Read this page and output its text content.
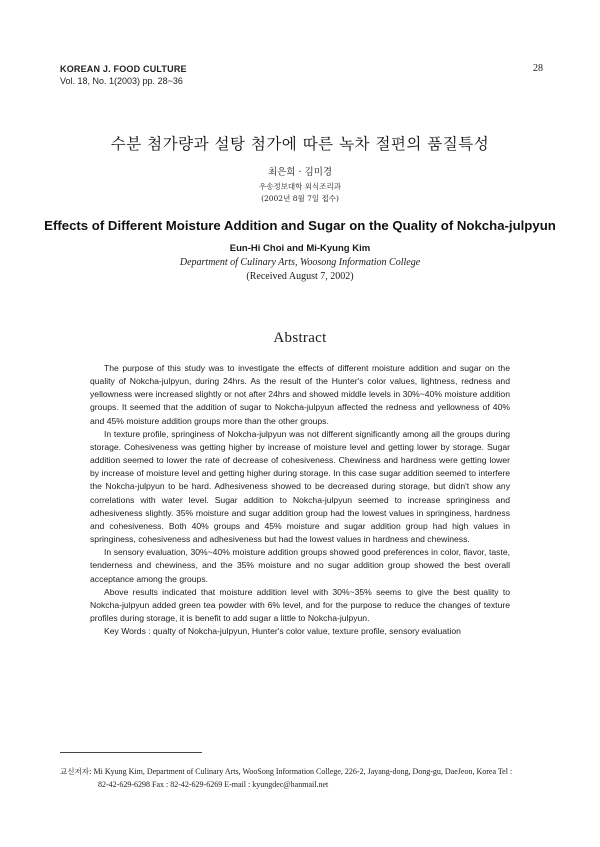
KOREAN J. FOOD CULTURE
Vol. 18, No. 1(2003) pp. 28~36
28
수분 첨가량과 설탕 첨가에 따른 녹차 절편의 품질특성
최은희 · 김미경
우송정보대학 외식조리과
(2002년 8월 7일 접수)
Effects of Different Moisture Addition and Sugar on the Quality of Nokcha-julpyun
Eun-Hi Choi and Mi-Kyung Kim
Department of Culinary Arts, Woosong Information College
(Received August 7, 2002)
Abstract

The purpose of this study was to investigate the effects of different moisture addition and sugar on the quality of Nokcha-julpyun, during 24hrs. As the result of the Hunter's color values, lightness, redness and yellowness were increased slightly or not after 24hrs and showed middle levels in 30%~40% moisture addition groups. It seemed that the addition of sugar to Nokcha-julpyun affected the redness and yellowness of 40% and 45% moisture addition groups more than the other groups.

In texture profile, springiness of Nokcha-julpyun was not different significantly among all the groups during storage. Cohesiveness was getting higher by increase of moisture level and getting lower by storage. Sugar addition seemed to lower the rate of decrease of cohesiveness. Chewiness and hardness were getting lower by increase of moisture level and getting higher during storage. In this case sugar addition seemed to interfere the Nokcha-julpyun to be hard. Adhesiveness showed to be decreased during storage, but didn't show any correlations with water level. Sugar addition to Nokcha-julpyun seemed to increase springiness and adhesiveness slightly. 35% moisture and sugar addition group had the lowest values in springiness, hardness and cohesiveness. Both 40% groups and 45% moisture and sugar addition group had high values in springiness, cohesiveness and adhesiveness but had the lowest values in hardness and chewiness.

In sensory evaluation, 30%~40% moisture addition groups showed good preferences in color, flavor, taste, tenderness and chewiness, and the 35% moisture and no sugar addition group showed the best overall acceptance among the groups.

Above results indicated that moisture addition level with 30%~35% seems to give the best quality to Nokcha-julpyun added green tea powder with 6% level, and for the purpose to reduce the changes of texture profiles during storage, it is benefit to add sugar a little to Nokcha-julpyun.

Key Words : qualty of Nokcha-julpyun, Hunter's color value, texture profile, sensory evaluation

교신저자: Mi Kyung Kim, Department of Culinary Arts, WooSong Information College, 226-2, Jayang-dong, Dong-gu, DaeJeon, Korea Tel :
82-42-629-6298 Fax : 82-42-629-6269 E-mail : kyungdec@hanmail.net
